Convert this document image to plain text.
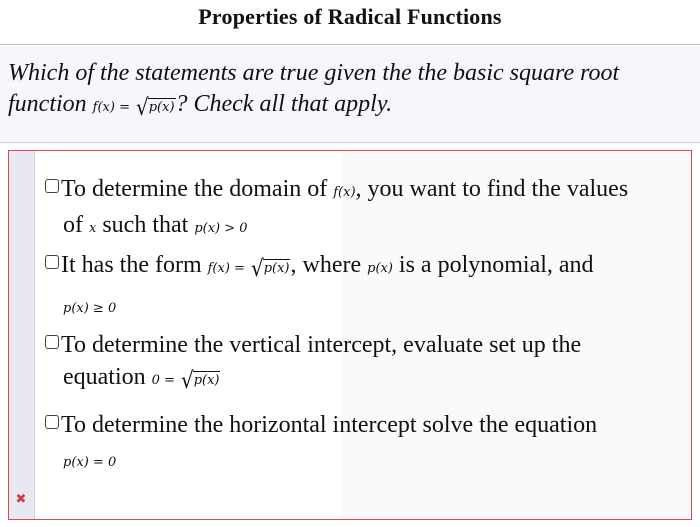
Properties of Radical Functions
Which of the statements are true given the the basic square root
function f(x) = √p(x)? Check all that apply.
✖
To determine the domain of f(x), you want to find the values
of x such that p(x) > 0
It has the form f(x) = √p(x), where p(x) is a polynomial, and
p(x) ≥ 0
To determine the vertical intercept, evaluate set up the
equation 0 = √p(x)
To determine the horizontal intercept solve the equation
p(x) = 0
